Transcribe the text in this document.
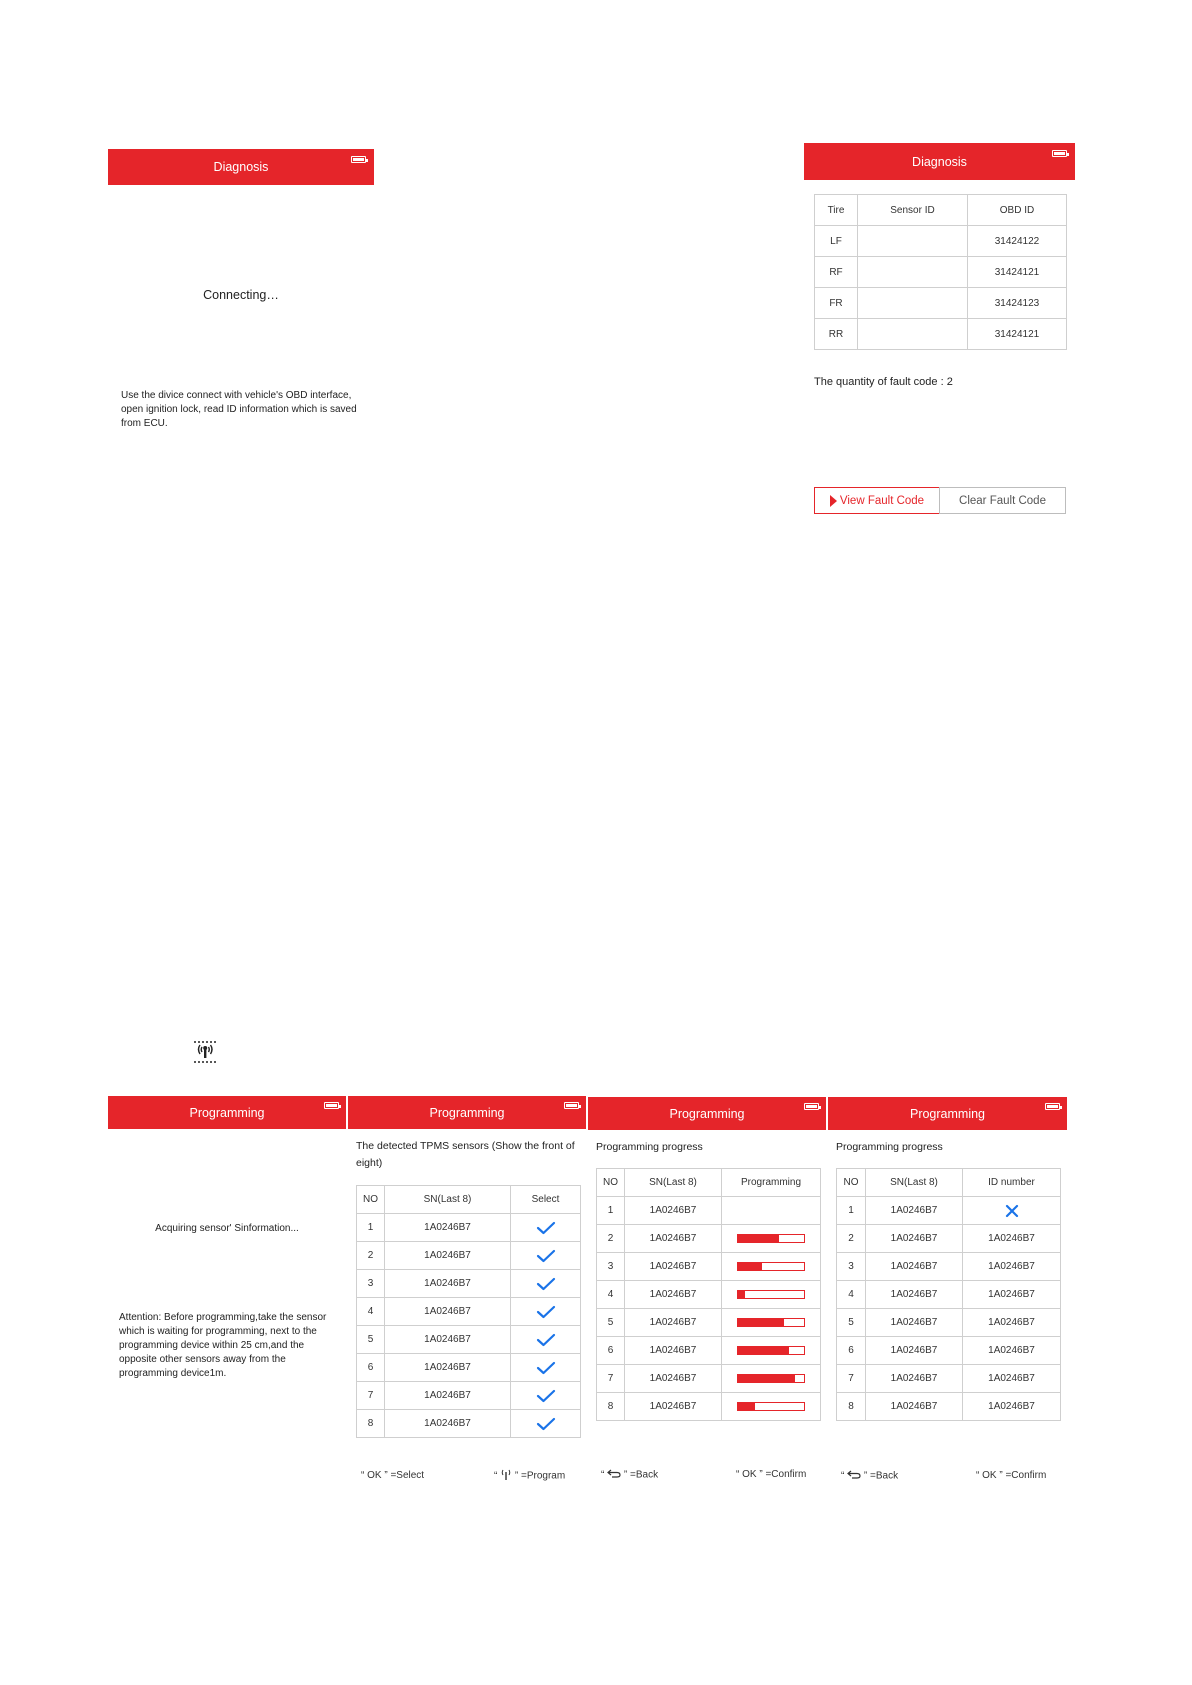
Diagnosis
Connecting…
Use the divice connect with vehicle's OBD interface, open ignition lock, read ID information which is saved from ECU.
Diagnosis
Tire	Sensor ID	OBD ID
LF		31424122
RF		31424121
FR		31424123
RR		31424121
The quantity of fault code : 2
View Fault Code	Clear Fault Code
Programming
Acquiring sensor' Sinformation...
Attention: Before programming,take the sensor which is waiting for programming, next to the programming device within 25 cm,and the opposite other sensors away from the programming device1m.
Programming
The detected TPMS sensors (Show the front of eight)
NO	SN(Last 8)	Select
1	1A0246B7	

2	1A0246B7	

3	1A0246B7	

4	1A0246B7	

5	1A0246B7	

6	1A0246B7	

7	1A0246B7	

8	1A0246B7	
“ OK ” =Select	“ ” =Program
Programming
Programming progress
NO	SN(Last 8)	Programming
1	1A0246B7	
2	1A0246B7	

3	1A0246B7	

4	1A0246B7	

5	1A0246B7	

6	1A0246B7	

7	1A0246B7	

8	1A0246B7	
“ ” =Back	“ OK ” =Confirm
Programming
Programming progress
NO	SN(Last 8)	ID number
1	1A0246B7	

2	1A0246B7	1A0246B7
3	1A0246B7	1A0246B7
4	1A0246B7	1A0246B7
5	1A0246B7	1A0246B7
6	1A0246B7	1A0246B7
7	1A0246B7	1A0246B7
8	1A0246B7	1A0246B7
“ ” =Back	“ OK ” =Confirm
